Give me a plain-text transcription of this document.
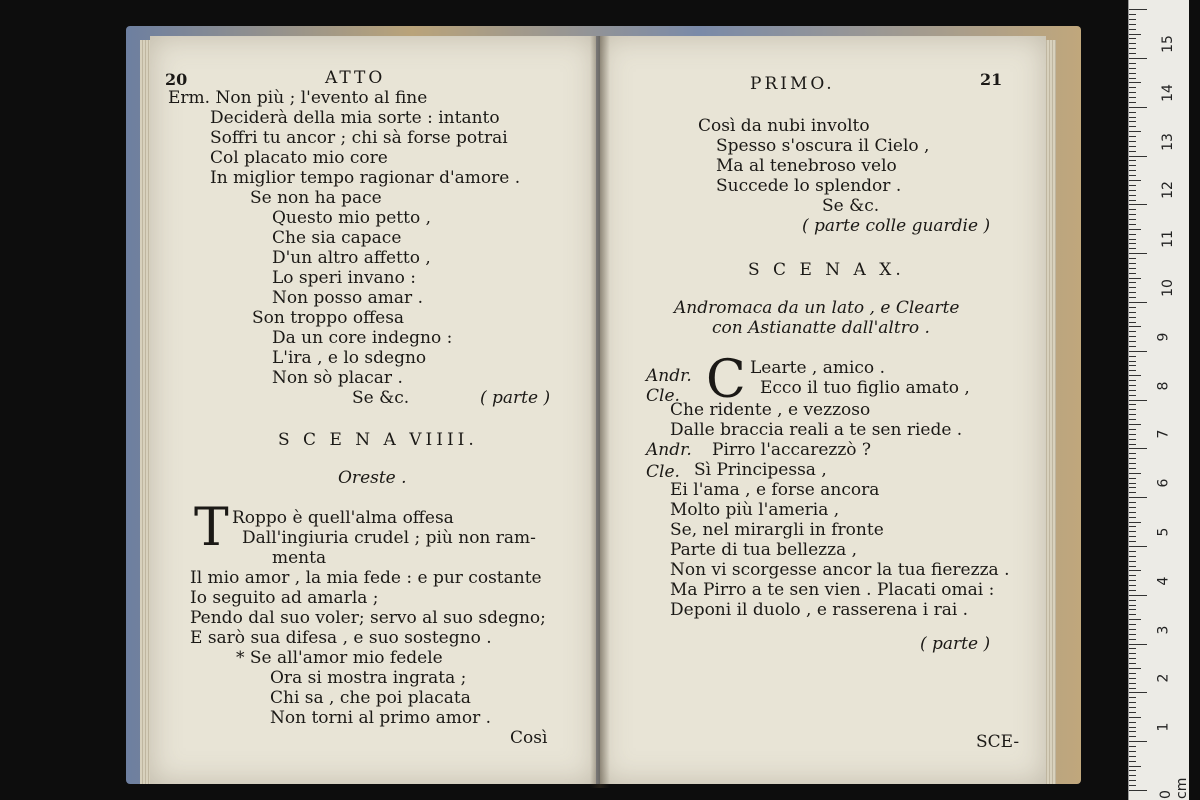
20	ATTO
Erm. Non più ; l'evento al fine
Deciderà della mia sorte : intanto
Soffri tu ancor ; chi sà forse potrai
Col placato mio core
In miglior tempo ragionar d'amore .
Se non ha pace
Questo mio petto ,
Che sia capace
D'un altro affetto ,
Lo speri invano :
Non posso amar .
Son troppo offesa
Da un core indegno :
L'ira , e lo sdegno
Non sò placar .
Se &c.	( parte )
S C E N A VIIII.
Oreste .
T Roppo è quell'alma offesa
Dall'ingiuria crudel ; più non ram-
menta
Il mio amor , la mia fede : e pur costante
Io seguito ad amarla ;
Pendo dal suo voler; servo al suo sdegno;
E sarò sua difesa , e suo sostegno .
* Se all'amor mio fedele
Ora si mostra ingrata ;
Chi sa , che poi placata
Non torni al primo amor .
Così
PRIMO.	21
Così da nubi involto
Spesso s'oscura il Cielo ,
Ma al tenebroso velo
Succede lo splendor .
Se &c.
( parte colle guardie )
S C E N A X.
Andromaca da un lato , e Clearte
con Astianatte dall'altro .
C
Andr.	Learte , amico .
Cle.	Ecco il tuo figlio amato ,
Che ridente , e vezzoso
Dalle braccia reali a te sen riede .
Andr. Pirro l'accarezzò ?
Cle. Sì Principessa ,
Ei l'ama , e forse ancora
Molto più l'ameria ,
Se, nel mirargli in fronte
Parte di tua bellezza ,
Non vi scorgesse ancor la tua fierezza .
Ma Pirro a te sen vien . Placati omai :
Deponi il duolo , e rasserena i rai .
( parte )
SCE-
0 cm
1
2
3
4
5
6
7
8
9
10
11
12
13
14
15
